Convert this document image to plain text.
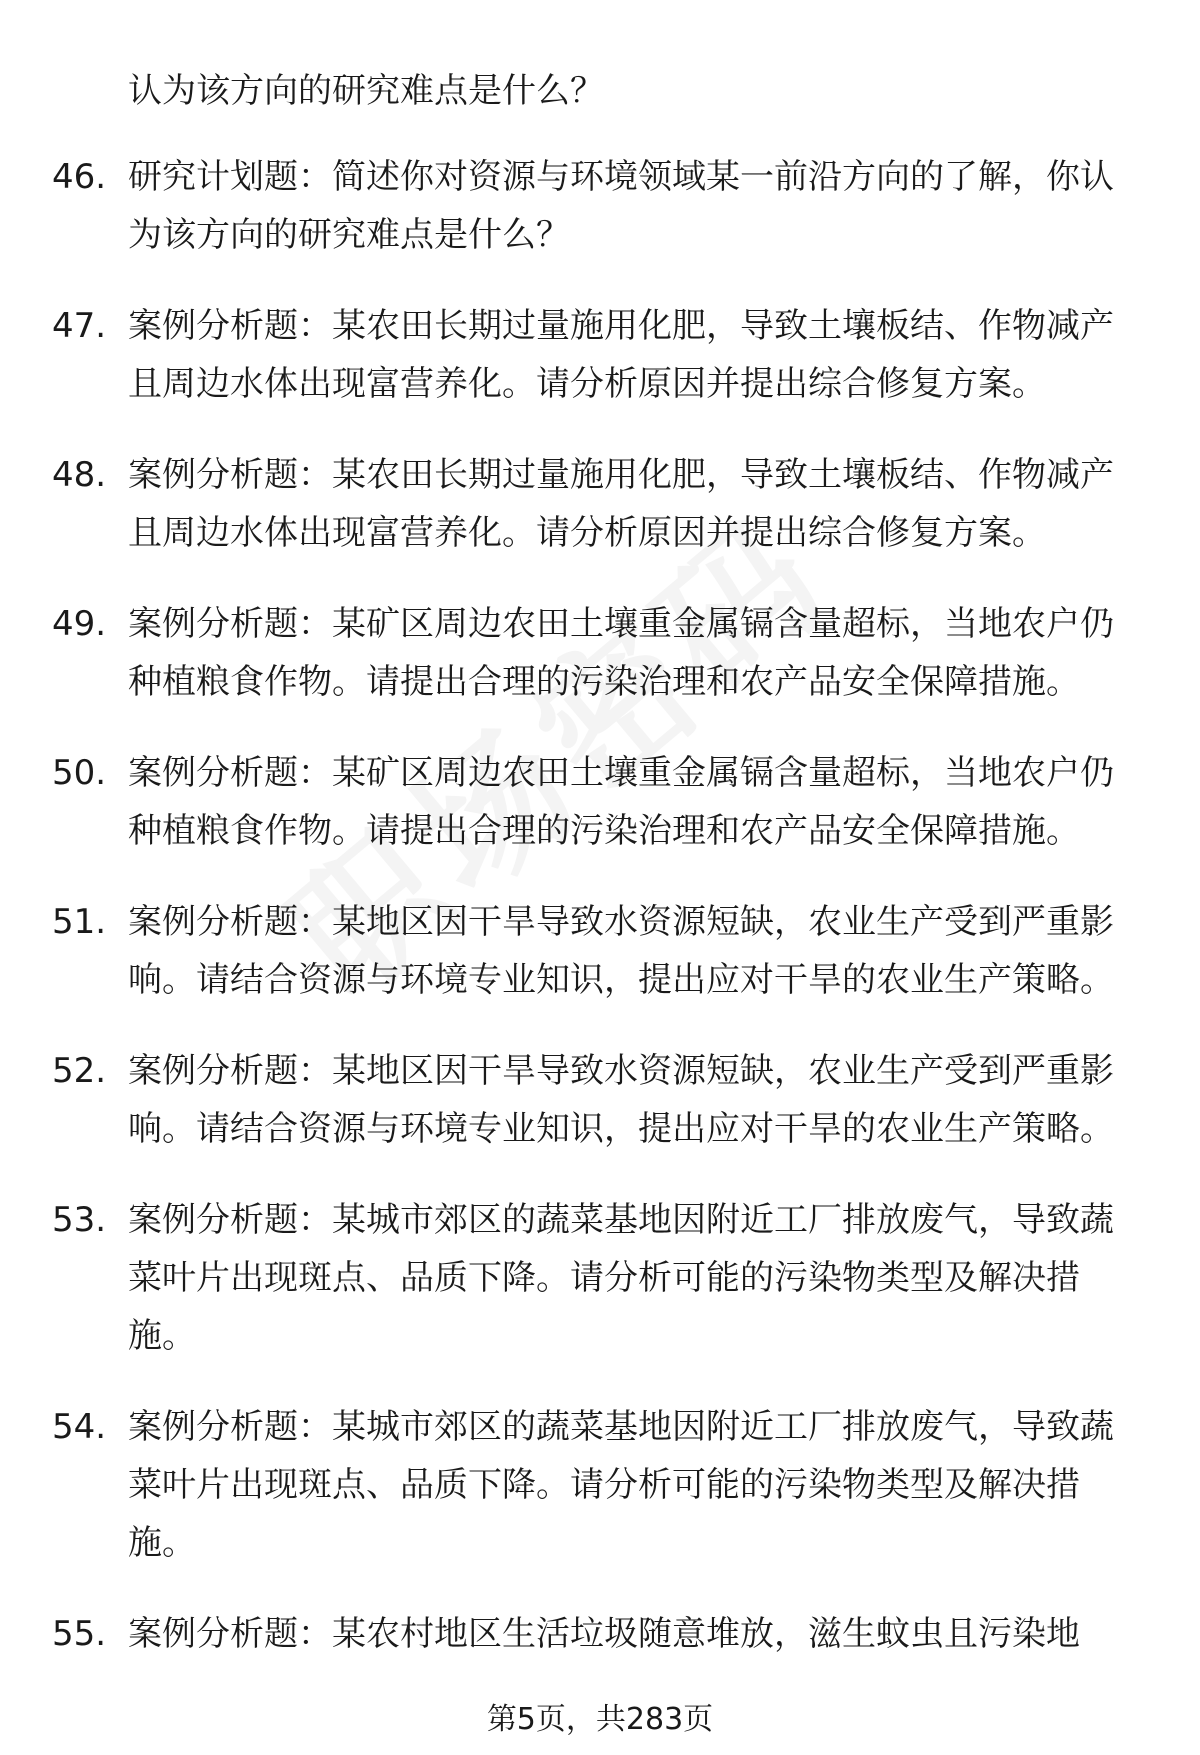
认为该方向的研究难点是什么？
46. 研究计划题：简述你对资源与环境领域某一前沿方向的了解，你认为该方向的研究难点是什么？
47. 案例分析题：某农田长期过量施用化肥，导致土壤板结、作物减产且周边水体出现富营养化。请分析原因并提出综合修复方案。
48. 案例分析题：某农田长期过量施用化肥，导致土壤板结、作物减产且周边水体出现富营养化。请分析原因并提出综合修复方案。
49. 案例分析题：某矿区周边农田土壤重金属镉含量超标，当地农户仍种植粮食作物。请提出合理的污染治理和农产品安全保障措施。
50. 案例分析题：某矿区周边农田土壤重金属镉含量超标，当地农户仍种植粮食作物。请提出合理的污染治理和农产品安全保障措施。
51. 案例分析题：某地区因干旱导致水资源短缺，农业生产受到严重影响。请结合资源与环境专业知识，提出应对干旱的农业生产策略。
52. 案例分析题：某地区因干旱导致水资源短缺，农业生产受到严重影响。请结合资源与环境专业知识，提出应对干旱的农业生产策略。
53. 案例分析题：某城市郊区的蔬菜基地因附近工厂排放废气，导致蔬菜叶片出现斑点、品质下降。请分析可能的污染物类型及解决措施。
54. 案例分析题：某城市郊区的蔬菜基地因附近工厂排放废气，导致蔬菜叶片出现斑点、品质下降。请分析可能的污染物类型及解决措施。
55. 案例分析题：某农村地区生活垃圾随意堆放，滋生蚊虫且污染地
第5页，共283页
